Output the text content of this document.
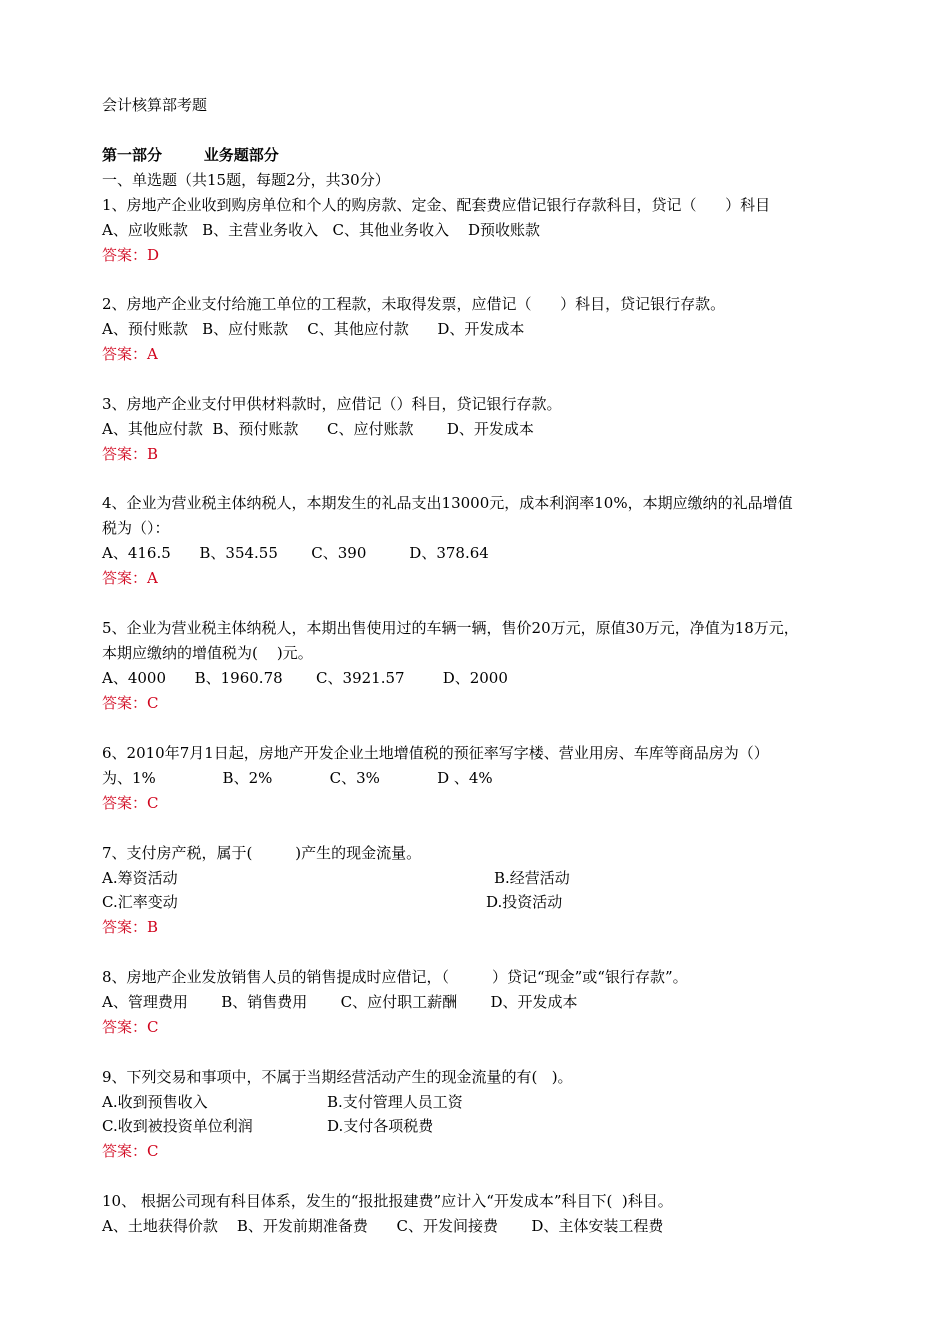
会计核算部考题
第一部分        业务题部分
一、单选题（共15题，每题2分，共30分）
1、房地产企业收到购房单位和个人的购房款、定金、配套费应借记银行存款科目，贷记（      ）科目
A、应收账款   B、主营业务收入   C、其他业务收入    D预收账款
答案：D
2、房地产企业支付给施工单位的工程款，未取得发票，应借记（      ）科目，贷记银行存款。
A、预付账款   B、应付账款    C、其他应付款      D、开发成本
答案：A
3、房地产企业支付甲供材料款时，应借记（）科目，贷记银行存款。
A、其他应付款  B、预付账款      C、应付账款       D、开发成本
答案：B
4、企业为营业税主体纳税人，本期发生的礼品支出13000元，成本利润率10%，本期应缴纳的礼品增值
税为（）：
A、416.5      B、354.55       C、390         D、378.64
答案：A
5、企业为营业税主体纳税人，本期出售使用过的车辆一辆，售价20万元，原值30万元，净值为18万元，
本期应缴纳的增值税为(    )元。
A、4000      B、1960.78       C、3921.57        D、2000
答案：C
6、2010年7月1日起，房地产开发企业土地增值税的预征率写字楼、营业用房、车库等商品房为（）
为、1%              B、2%            C、3%            D 、4%
答案：C
7、支付房产税，属于(         )产生的现金流量。
A.筹资活动	B.经营活动
C.汇率变动	D.投资活动
答案：B
8、房地产企业发放销售人员的销售提成时应借记，（         ）贷记“现金”或“银行存款”。
A、管理费用       B、销售费用       C、应付职工薪酬       D、开发成本
答案：C
9、下列交易和事项中，不属于当期经营活动产生的现金流量的有(   )。
A.收到预售收入	B.支付管理人员工资
C.收到被投资单位利润	D.支付各项税费
答案：C
10、 根据公司现有科目体系，发生的“报批报建费”应计入“开发成本”科目下(  )科目。
A、土地获得价款    B、开发前期准备费      C、开发间接费       D、主体安装工程费
